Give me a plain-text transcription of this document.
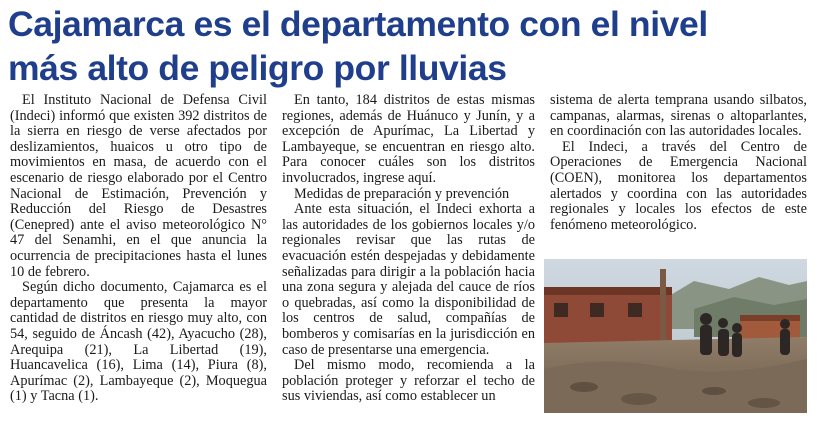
Cajamarca es el departamento con el nivel
más alto de peligro por lluvias

El Instituto Nacional de Defensa Civil (Indeci) informó que existen 392 distritos de la sierra en riesgo de verse afectados por deslizamientos, huaicos u otro tipo de movimientos en masa, de acuerdo con el escenario de riesgo elaborado por el Centro Nacional de Estimación, Prevención y Reducción del Riesgo de Desastres (Cenepred) ante el aviso meteorológico N° 47 del Senamhi, en el que anuncia la ocurrencia de precipitaciones hasta el lunes 10 de febrero.

Según dicho documento, Cajamarca es el departamento que presenta la mayor cantidad de distritos en riesgo muy alto, con 54, seguido de Áncash (42), Ayacucho (28), Arequipa (21), La Libertad (19), Huancavelica (16), Lima (14), Piura (8), Apurímac (2), Lambayeque (2), Moquegua (1) y Tacna (1).

En tanto, 184 distritos de estas mismas regiones, además de Huánuco y Junín, y a excepción de Apurímac, La Libertad y Lambayeque, se encuentran en riesgo alto. Para conocer cuáles son los distritos involucrados, ingrese aquí.

Medidas de preparación y prevención

Ante esta situación, el Indeci exhorta a las autoridades de los gobiernos locales y/o regionales revisar que las rutas de evacuación estén despejadas y debidamente señalizadas para dirigir a la población hacia una zona segura y alejada del cauce de ríos o quebradas, así como la disponibilidad de los centros de salud, compañías de bomberos y comisarías en la jurisdicción en caso de presentarse una emergencia.

Del mismo modo, recomienda a la población proteger y reforzar el techo de sus viviendas, así como establecer un

sistema de alerta temprana usando silbatos, campanas, alarmas, sirenas o altoparlantes, en coordinación con las autoridades locales.

El Indeci, a través del Centro de Operaciones de Emergencia Nacional (COEN), monitorea los departamentos alertados y coordina con las autoridades regionales y locales los efectos de este fenómeno meteorológico.
